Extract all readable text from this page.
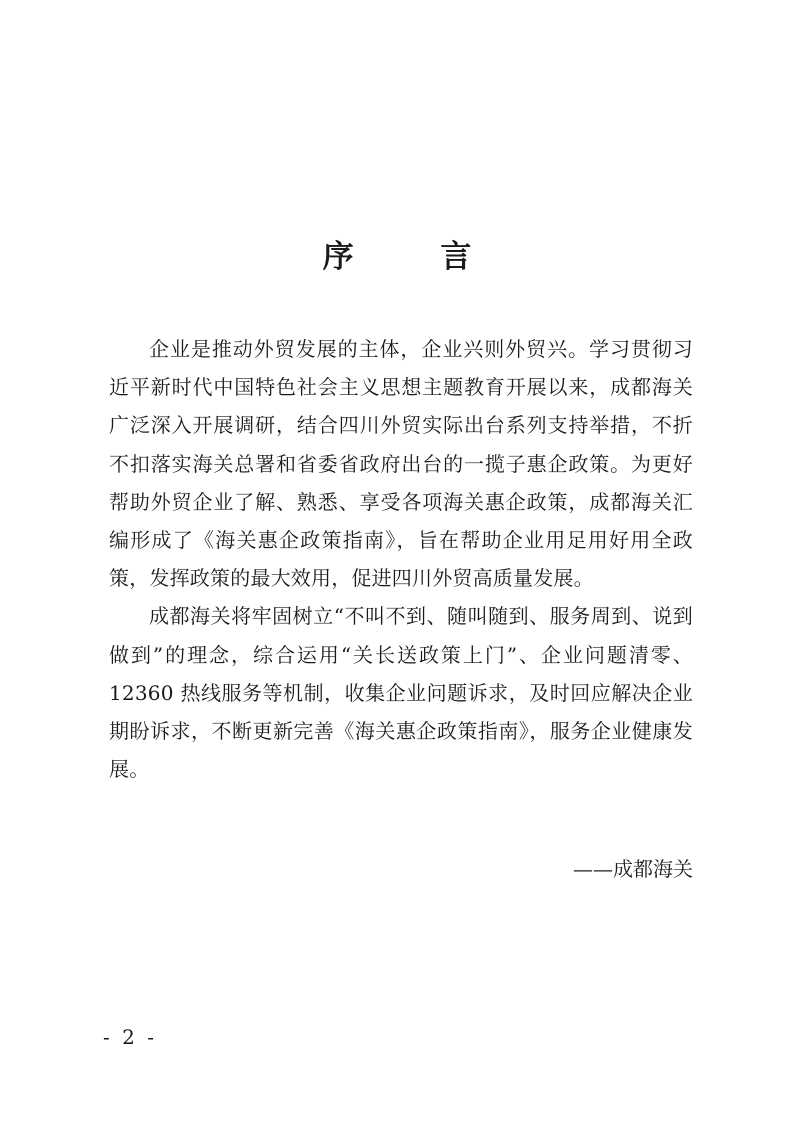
序 言

企业是推动外贸发展的主体，企业兴则外贸兴。学习贯彻习近平新时代中国特色社会主义思想主题教育开展以来，成都海关广泛深入开展调研，结合四川外贸实际出台系列支持举措，不折不扣落实海关总署和省委省政府出台的一揽子惠企政策。为更好帮助外贸企业了解、熟悉、享受各项海关惠企政策，成都海关汇编形成了《海关惠企政策指南》，旨在帮助企业用足用好用全政策，发挥政策的最大效用，促进四川外贸高质量发展。

成都海关将牢固树立“不叫不到、随叫随到、服务周到、说到做到”的理念，综合运用“关长送政策上门”、企业问题清零、12360 热线服务等机制，收集企业问题诉求，及时回应解决企业期盼诉求，不断更新完善《海关惠企政策指南》，服务企业健康发展。

——成都海关
- 2 -
